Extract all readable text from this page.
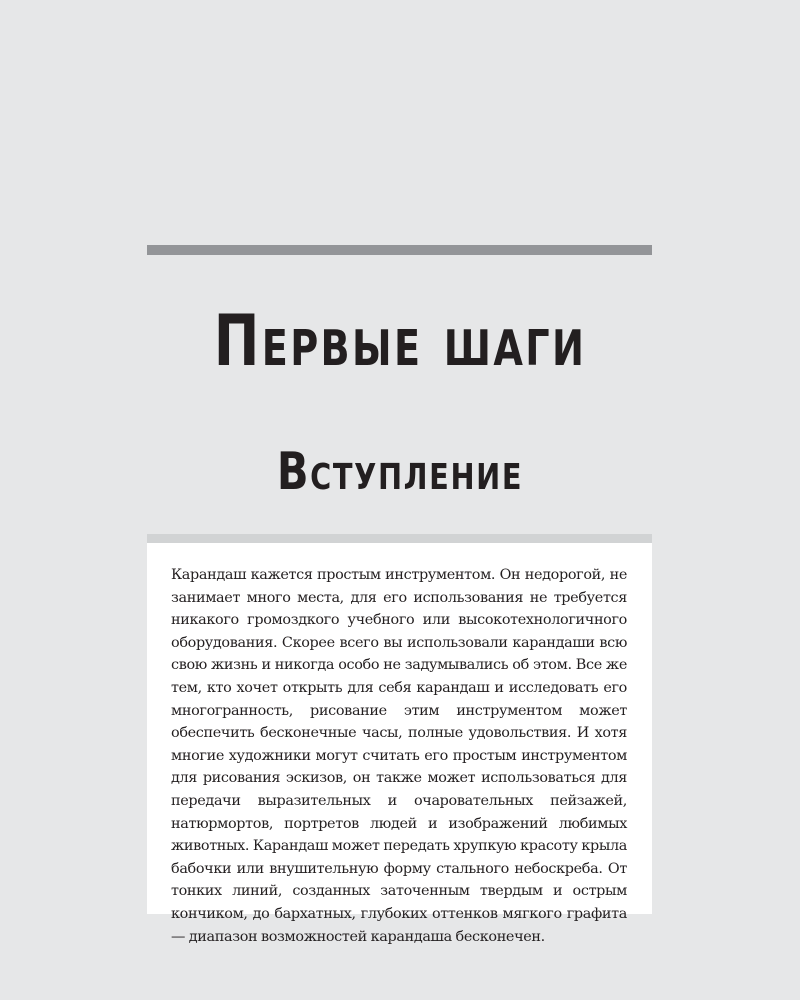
Первые шаги
Вступление

Карандаш кажется простым инструментом. Он недорогой, не занимает много места, для его использования не требуется никакого громоздкого учебного или высокотехнологичного оборудования. Скорее всего вы использовали карандаши всю свою жизнь и никогда особо не задумывались об этом. Все же тем, кто хочет открыть для себя карандаш и исследовать его многогранность, рисование этим инструментом может обеспечить бесконечные часы, полные удовольствия. И хотя многие художники могут считать его простым инструментом для рисования эскизов, он также может использоваться для передачи выразительных и очаровательных пейзажей, натюрмортов, портретов людей и изображений любимых животных. Карандаш может передать хрупкую красоту крыла бабочки или внушительную форму стального небоскреба. От тонких линий, созданных заточенным твердым и острым кончиком, до бархатных, глубоких оттенков мягкого графита — диапазон возможностей карандаша бесконечен.
